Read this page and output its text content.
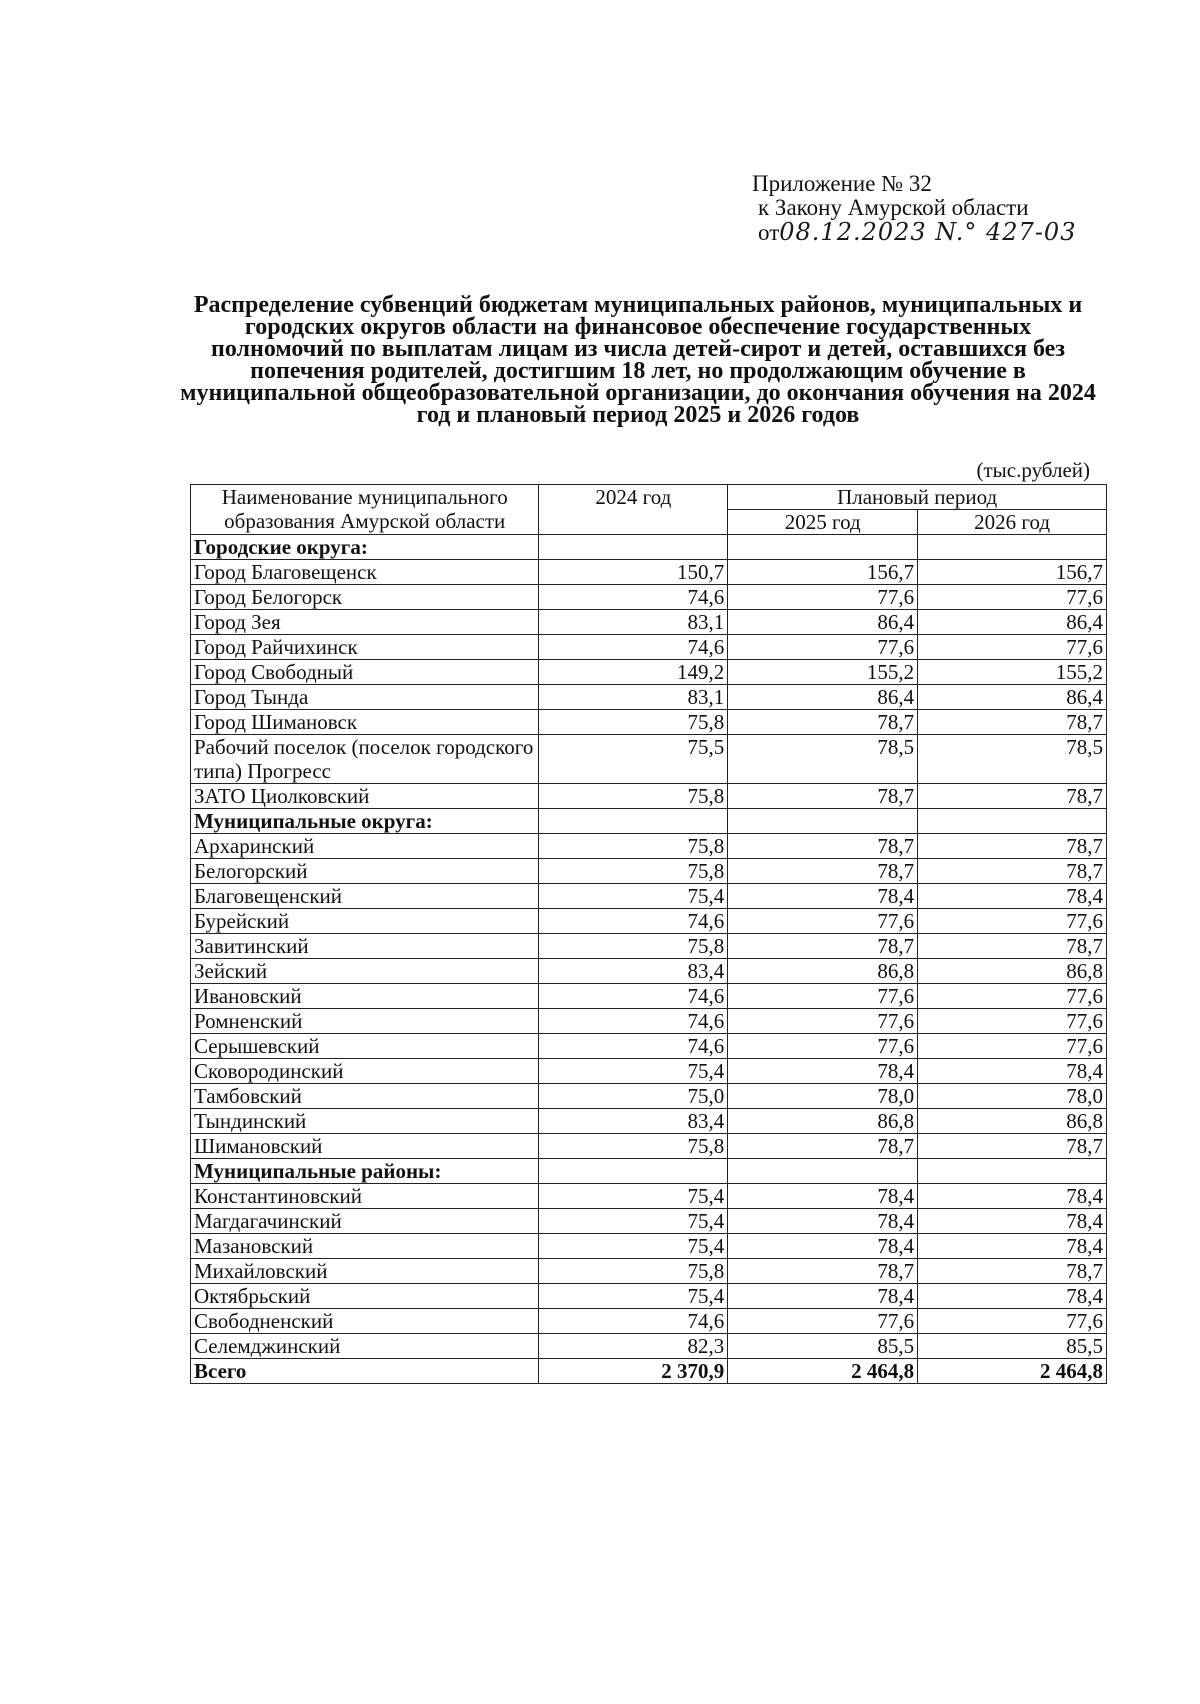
Приложение № 32
к Закону Амурской области
от08.12.2023 N.° 427-03
Распределение субвенций бюджетам муниципальных районов, муниципальных и городских округов области на финансовое обеспечение государственных полномочий по выплатам лицам из числа детей-сирот и детей, оставшихся без попечения родителей, достигшим 18 лет, но продолжающим обучение в муниципальной общеобразовательной организации, до окончания обучения на 2024 год и плановый период 2025 и 2026 годов
(тыс.рублей)
Наименование муниципального образования Амурской области	2024 год	Плановый период	
		2025 год	2026 год
Городские округа:			
Город Благовещенск	150,7	156,7	156,7
Город Белогорск	74,6	77,6	77,6
Город Зея	83,1	86,4	86,4
Город Райчихинск	74,6	77,6	77,6
Город Свободный	149,2	155,2	155,2
Город Тында	83,1	86,4	86,4
Город Шимановск	75,8	78,7	78,7
Рабочий поселок (поселок городского типа) Прогресс	75,5	78,5	78,5
ЗАТО Циолковский	75,8	78,7	78,7
Муниципальные округа:			
Архаринский	75,8	78,7	78,7
Белогорский	75,8	78,7	78,7
Благовещенский	75,4	78,4	78,4
Бурейский	74,6	77,6	77,6
Завитинский	75,8	78,7	78,7
Зейский	83,4	86,8	86,8
Ивановский	74,6	77,6	77,6
Ромненский	74,6	77,6	77,6
Серышевский	74,6	77,6	77,6
Сковородинский	75,4	78,4	78,4
Тамбовский	75,0	78,0	78,0
Тындинский	83,4	86,8	86,8
Шимановский	75,8	78,7	78,7
Муниципальные районы:			
Константиновский	75,4	78,4	78,4
Магдагачинский	75,4	78,4	78,4
Мазановский	75,4	78,4	78,4
Михайловский	75,8	78,7	78,7
Октябрьский	75,4	78,4	78,4
Свободненский	74,6	77,6	77,6
Селемджинский	82,3	85,5	85,5
Всего	2 370,9	2 464,8	2 464,8
